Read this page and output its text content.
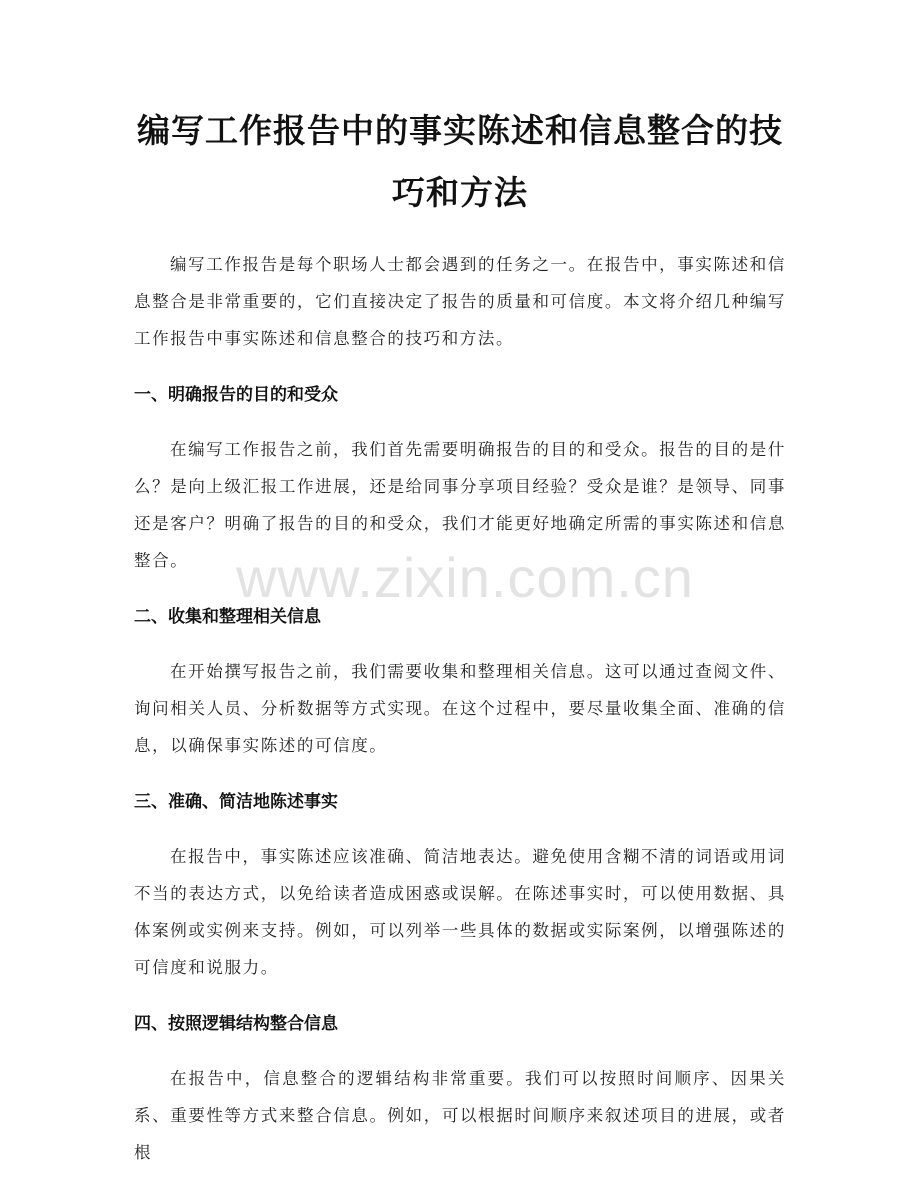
编写工作报告中的事实陈述和信息整合的技巧和方法

编写工作报告是每个职场人士都会遇到的任务之一。在报告中，事实陈述和信息整合是非常重要的，它们直接决定了报告的质量和可信度。本文将介绍几种编写工作报告中事实陈述和信息整合的技巧和方法。

一、明确报告的目的和受众

在编写工作报告之前，我们首先需要明确报告的目的和受众。报告的目的是什么？是向上级汇报工作进展，还是给同事分享项目经验？受众是谁？是领导、同事还是客户？明确了报告的目的和受众，我们才能更好地确定所需的事实陈述和信息整合。

二、收集和整理相关信息

在开始撰写报告之前，我们需要收集和整理相关信息。这可以通过查阅文件、询问相关人员、分析数据等方式实现。在这个过程中，要尽量收集全面、准确的信息，以确保事实陈述的可信度。

三、准确、简洁地陈述事实

在报告中，事实陈述应该准确、简洁地表达。避免使用含糊不清的词语或用词不当的表达方式，以免给读者造成困惑或误解。在陈述事实时，可以使用数据、具体案例或实例来支持。例如，可以列举一些具体的数据或实际案例，以增强陈述的可信度和说服力。

四、按照逻辑结构整合信息

在报告中，信息整合的逻辑结构非常重要。我们可以按照时间顺序、因果关系、重要性等方式来整合信息。例如，可以根据时间顺序来叙述项目的进展，或者根

www.zixin.com.cn
